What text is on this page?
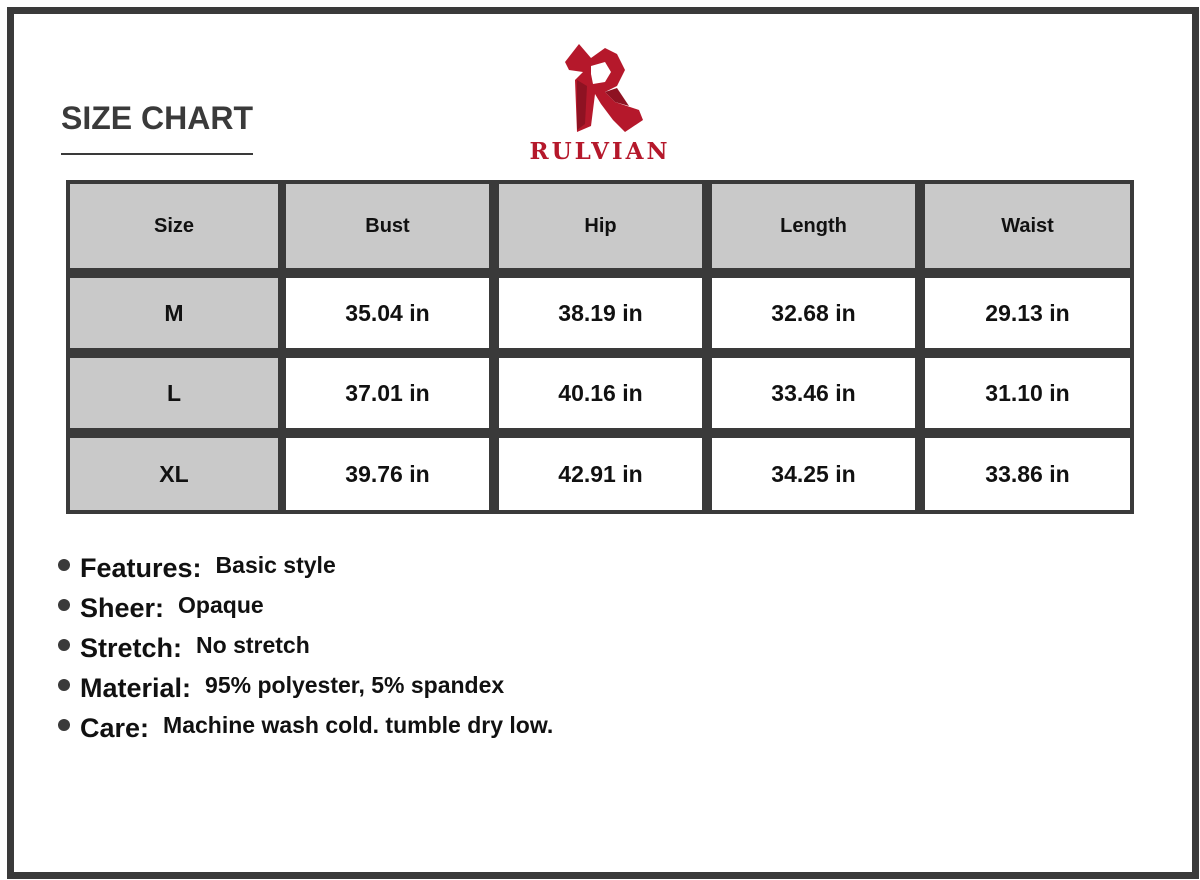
SIZE CHART
RULVIAN
Size	Bust	Hip	Length	Waist

M	35.04 in	38.19 in	32.68 in	29.13 in

L	37.01 in	40.16 in	33.46 in	31.10 in

XL	39.76 in	42.91 in	34.25 in	33.86 in
Features: Basic style
Sheer: Opaque
Stretch: No stretch
Material: 95% polyester, 5% spandex
Care: Machine wash cold. tumble dry low.
